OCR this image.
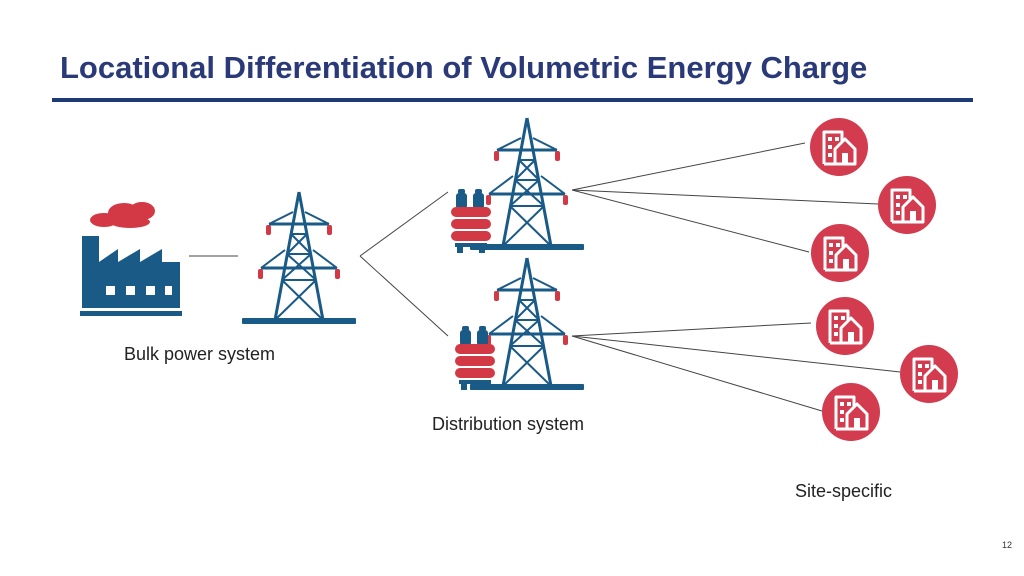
Locational Differentiation of Volumetric Energy Charge
Bulk power system
Distribution system
Site-specific
12
